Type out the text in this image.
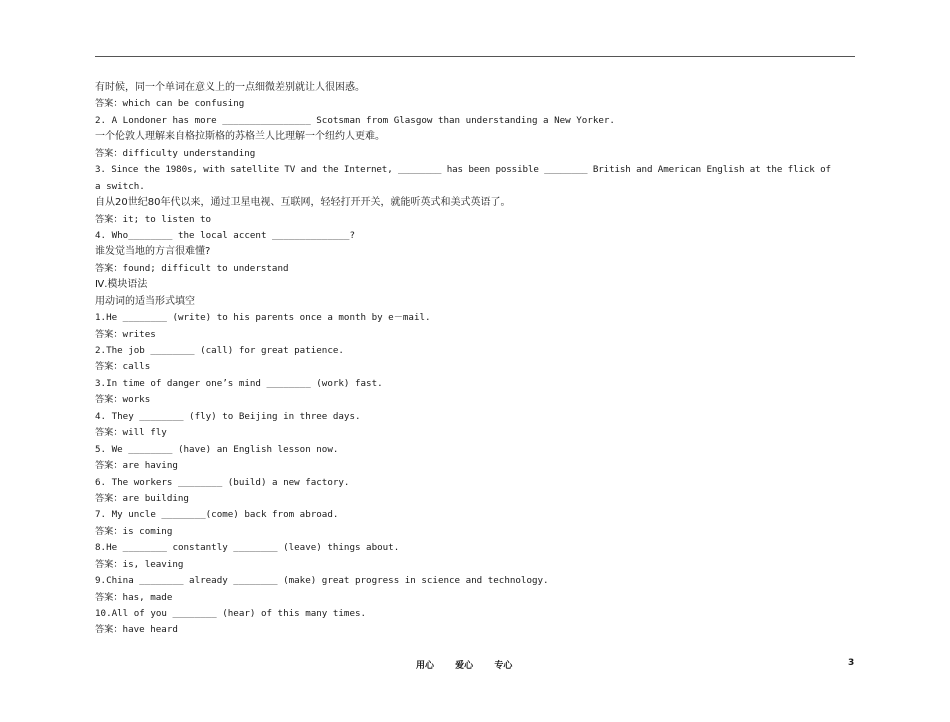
有时候，同一个单词在意义上的一点细微差别就让人很困惑。
答案：which can be confusing
2. A Londoner has more ________________ Scotsman from Glasgow than understanding a New Yorker.
一个伦敦人理解来自格拉斯格的苏格兰人比理解一个纽约人更难。
答案：difficulty understanding
3. Since the 1980s, with satellite TV and the Internet, ________ has been possible ________ British and American English at the flick of
a switch.
自从20世纪80年代以来，通过卫星电视、互联网，轻轻打开开关，就能听英式和美式英语了。
答案：it; to listen to
4. Who________ the local accent ______________?
谁发觉当地的方言很难懂?
答案：found; difficult to understand
Ⅳ.模块语法
用动词的适当形式填空
1.He ________ (write) to his parents once a month by e－mail.
答案：writes
2.The job ________ (call) for great patience.
答案：calls
3.In time of danger one’s mind ________ (work) fast.
答案：works
4. They ________ (fly) to Beijing in three days.
答案：will fly
5. We ________ (have) an English lesson now.
答案：are having
6. The workers ________ (build) a new factory.
答案：are building
7. My uncle ________(come) back from abroad.
答案：is coming
8.He ________ constantly ________ (leave) things about.
答案：is, leaving
9.China ________ already ________ (make) great progress in science and technology.
答案：has, made
10.All of you ________ (hear) of this many times.
答案：have heard
用心 爱心 专心	3
